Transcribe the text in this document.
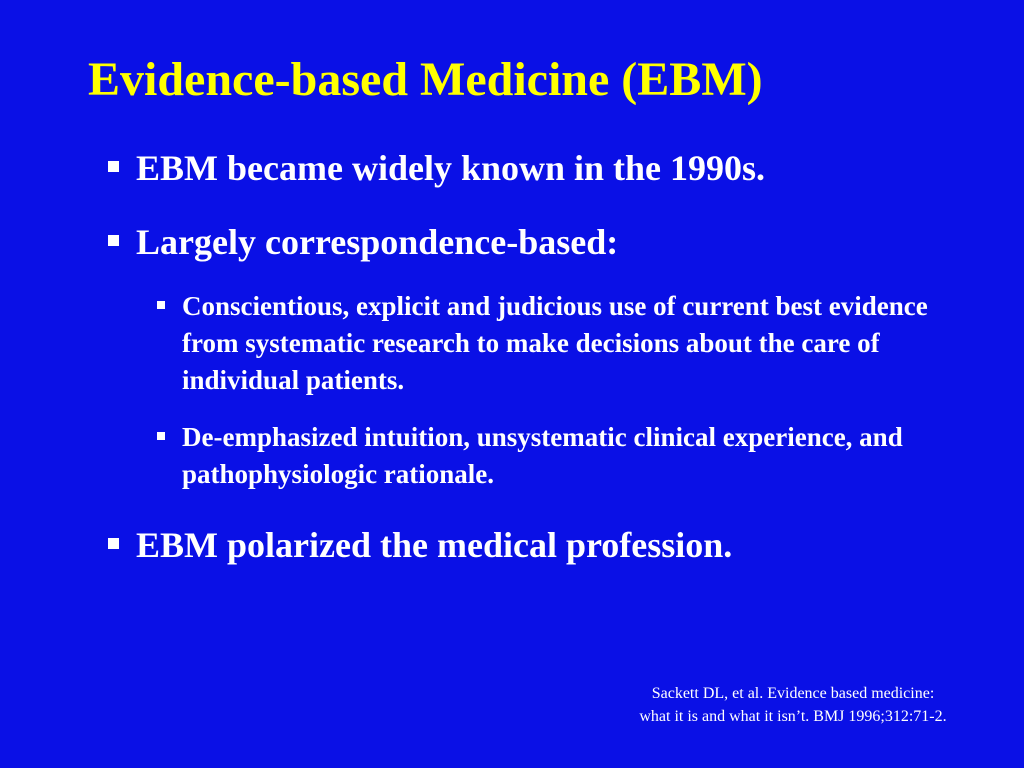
Evidence-based Medicine (EBM)
EBM became widely known in the 1990s.
Largely correspondence-based:
Conscientious, explicit and judicious use of current best evidence from systematic research to make decisions about the care of individual patients.
De-emphasized intuition, unsystematic clinical experience, and pathophysiologic rationale.
EBM polarized the medical profession.
Sackett DL, et al. Evidence based medicine:
what it is and what it isn’t. BMJ 1996;312:71-2.
